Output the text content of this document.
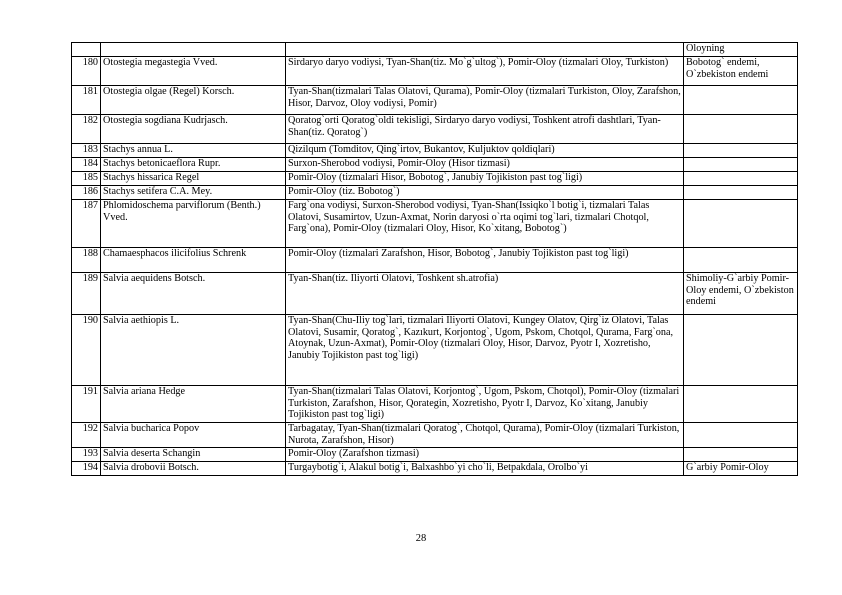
			Oloyning
180	Otostegia megastegia Vved.	Sirdaryo daryo vodiysi, Tyan-Shan(tiz. Mo`g`ultog`), Pomir-Oloy (tizmalari Oloy, Turkiston)	Bobotog` endemi, O`zbekiston endemi
181	Otostegia olgae (Regel) Korsch.	Tyan-Shan(tizmalari Talas Olatovi, Qurama), Pomir-Oloy (tizmalari Turkiston, Oloy, Zarafshon, Hisor, Darvoz, Oloy vodiysi, Pomir)	
182	Otostegia sogdiana Kudrjasch.	Qoratog`orti Qoratog`oldi tekisligi, Sirdaryo daryo vodiysi, Toshkent atrofi dashtlari, Tyan-Shan(tiz. Qoratog`)	
183	Stachys annua L.	Qizilqum (Tomditov, Qing`irtov, Bukantov, Kuljuktov qoldiqlari)	
184	Stachys betonicaeflora Rupr.	Surxon-Sherobod vodiysi, Pomir-Oloy (Hisor tizmasi)	
185	Stachys hissarica Regel	Pomir-Oloy (tizmalari Hisor, Bobotog`, Janubiy Tojikiston past tog`ligi)	
186	Stachys setifera C.A. Mey.	Pomir-Oloy (tiz. Bobotog`)	
187	Phlomidoschema parviflorum (Benth.) Vved.	Farg`ona vodiysi, Surxon-Sherobod vodiysi, Tyan-Shan(Issiqko`l botig`i, tizmalari Talas Olatovi, Susamirtov, Uzun-Axmat, Norin daryosi o`rta oqimi tog`lari, tizmalari Chotqol, Farg`ona), Pomir-Oloy (tizmalari Oloy, Hisor, Ko`xitang, Bobotog`)	
188	Chamaesphacos ilicifolius Schrenk	Pomir-Oloy (tizmalari Zarafshon, Hisor, Bobotog`, Janubiy Tojikiston past tog`ligi)	
189	Salvia aequidens Botsch.	Tyan-Shan(tiz. Iliyorti Olatovi, Toshkent sh.atrofia)	Shimoliy-G`arbiy Pomir-Oloy endemi, O`zbekiston endemi
190	Salvia aethiopis L.	Tyan-Shan(Chu-Iliy tog`lari, tizmalari Iliyorti Olatovi, Kungey Olatov, Qirg`iz Olatovi, Talas Olatovi, Susamir, Qoratog`, Kazıkurt, Korjontog`, Ugom, Pskom, Chotqol, Qurama, Farg`ona, Atoynak, Uzun-Axmat), Pomir-Oloy (tizmalari Oloy, Hisor, Darvoz, Pyotr I, Xozretisho, Janubiy Tojikiston past tog`ligi)	
191	Salvia ariana Hedge	Tyan-Shan(tizmalari Talas Olatovi, Korjontog`, Ugom, Pskom, Chotqol), Pomir-Oloy (tizmalari Turkiston, Zarafshon, Hisor, Qorategin, Xozretisho, Pyotr I, Darvoz, Ko`xitang, Janubiy Tojikiston past tog`ligi)	
192	Salvia bucharica Popov	Tarbagatay, Tyan-Shan(tizmalari Qoratog`, Chotqol, Qurama), Pomir-Oloy (tizmalari Turkiston, Nurota, Zarafshon, Hisor)	
193	Salvia deserta Schangin	Pomir-Oloy (Zarafshon tizmasi)	
194	Salvia drobovii Botsch.	Turgaybotig`i, Alakul botig`i, Balxashbo`yi cho`li, Betpakdala, Orolbo`yi	G`arbiy Pomir-Oloy
28
